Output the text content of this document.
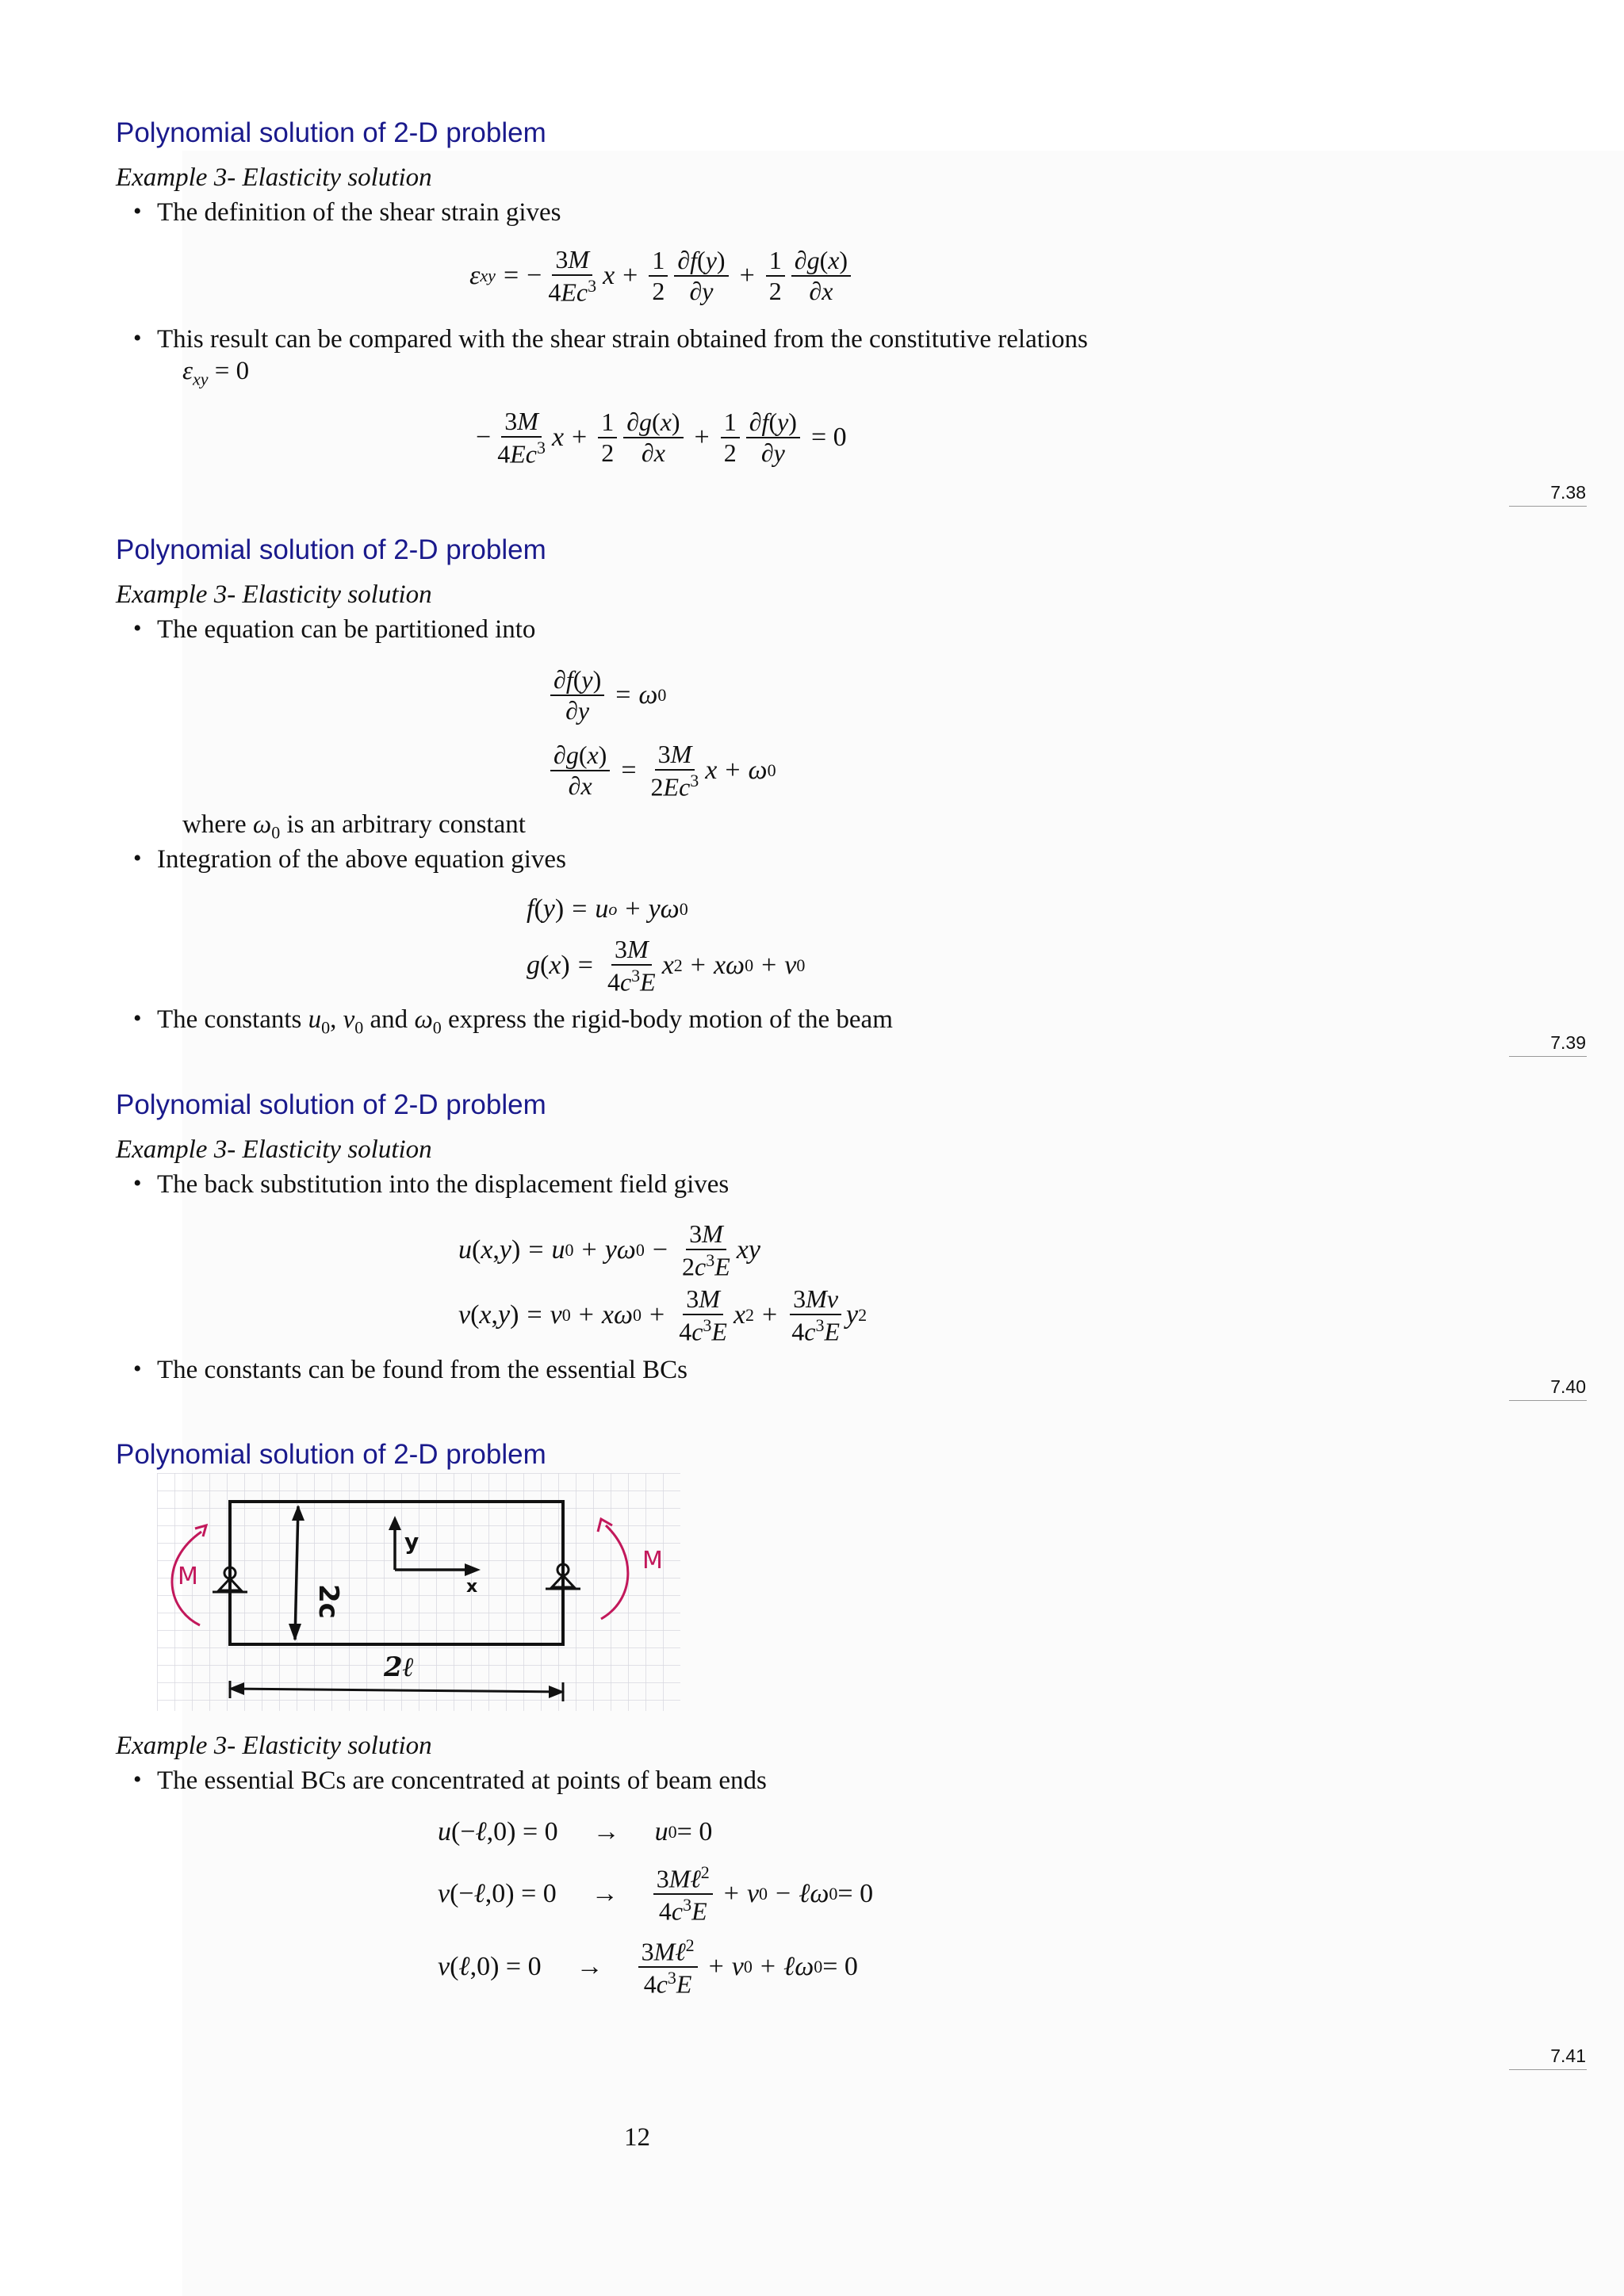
Polynomial solution of 2-D problem
Example 3- Elasticity solution
• The definition of the shear strain gives
ε xy = − $\frac{3M}{4Ec^3}$ $x + \frac{1}{2} \frac{\partial f(y)}{\partial y} + \frac{1}{2} \frac{\partial g(x)}{\partial x}$
• This result can be compared with the shear strain obtained from the constitutive relations
$\varepsilon_{xy} = 0$
− $\frac{3M}{4Ec^3}$ $x + \frac{1}{2} \frac{\partial g(x)}{\partial x} + \frac{1}{2} \frac{\partial f(y)}{\partial y} = 0$
7.38
Polynomial solution of 2-D problem
Example 3- Elasticity solution
• The equation can be partitioned into
$\frac{\partial f(y)}{\partial y} = \omega$ 0
$\frac{\partial g(x)}{\partial x} = \frac{3M}{2Ec^3}$ x + ω 0
where $\omega_0$ is an arbitrary constant
• Integration of the above equation gives
f ( y ) = u o + yω 0
g ( x ) = $\frac{3M}{4c^3E}$ x 2 + xω 0 + v 0
• The constants $u_0$, $v_0$ and $\omega_0$ express the rigid-body motion of the beam
7.39
Polynomial solution of 2-D problem
Example 3- Elasticity solution
• The back substitution into the displacement field gives
u ( x , y ) = u 0 + yω $0 - \frac{3M}{2c^3E}$ xy
v ( x , y ) = v 0 + xω $0 + \frac{3M}{4c^3E}$ x $2 + \frac{3M\nu}{4c^3E}$ y 2
• The constants can be found from the essential BCs
7.40
Polynomial solution of 2-D problem
2c
y
x
2ℓ
M
M
Example 3- Elasticity solution
• The essential BCs are concentrated at points of beam ends
u (− ℓ ,0) = 0 → u 0 = 0
v (− ℓ $,0) = 0 \to \frac{3M\ell^2}{4c^3E} + v$ 0 − ℓω 0 = 0
v ( ℓ $,0) = 0 \to \frac{3M\ell^2}{4c^3E} + v$ 0 + ℓω 0 = 0
7.41
12
